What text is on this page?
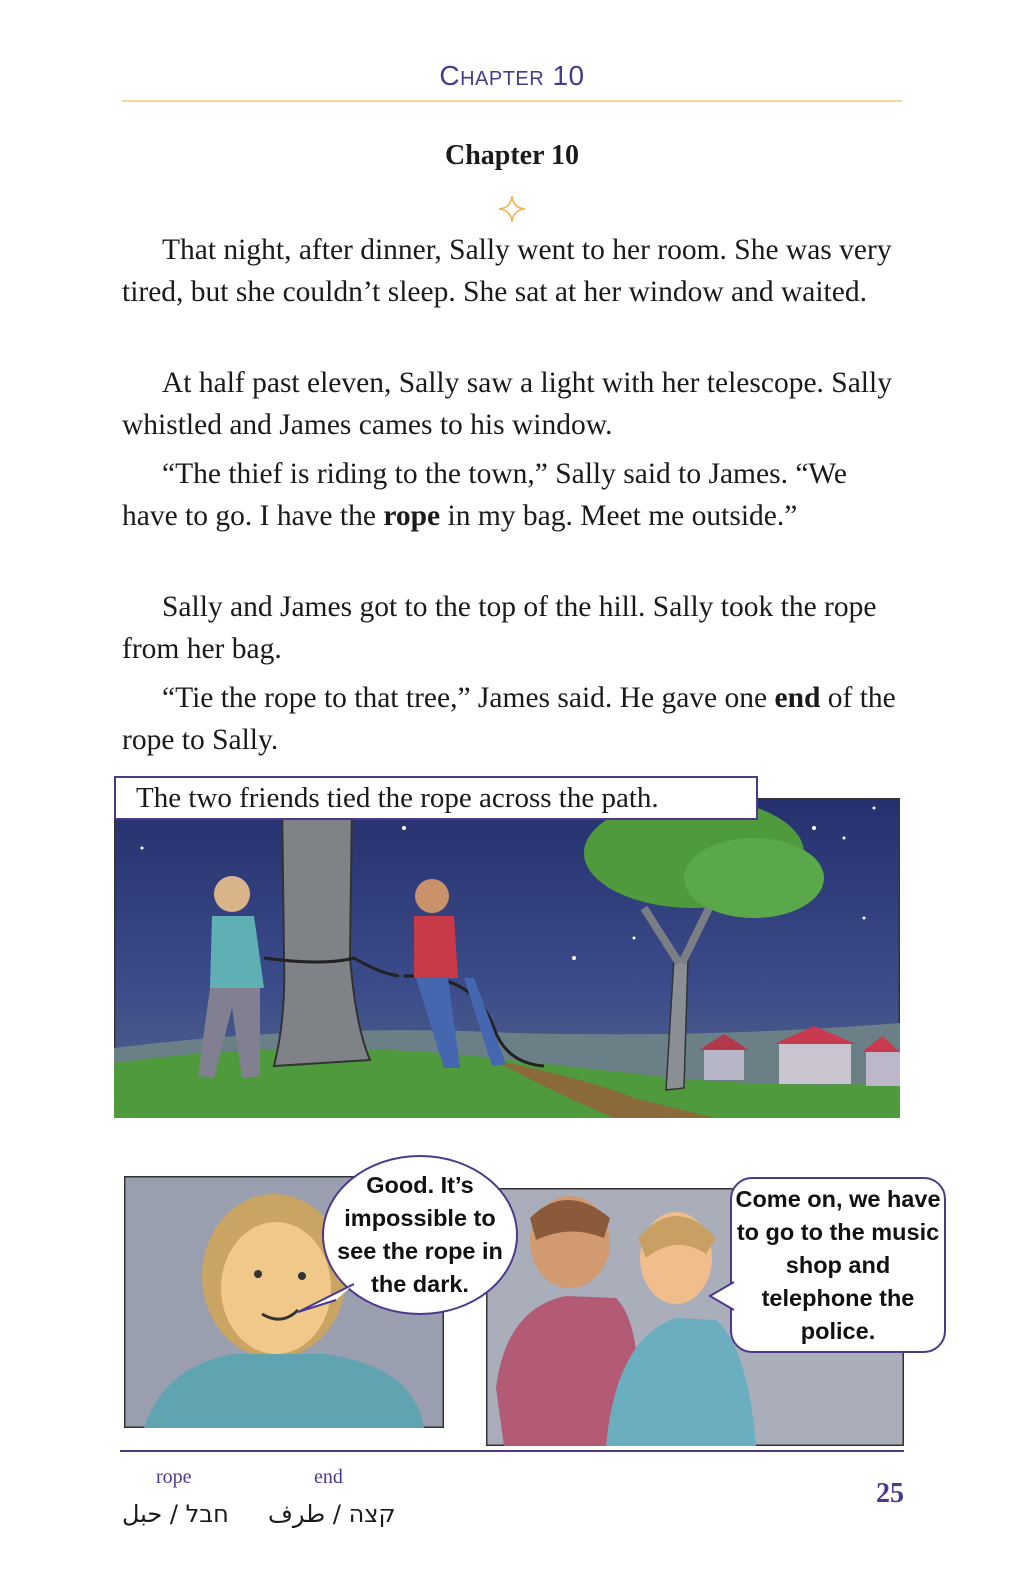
Chapter 10
Chapter 10

That night, after dinner, Sally went to her room. She was very tired, but she couldn’t sleep. She sat at her window and waited.

At half past eleven, Sally saw a light with her telescope. Sally whistled and James cames to his window.

“The thief is riding to the town,” Sally said to James. “We have to go. I have the rope in my bag. Meet me outside.”

Sally and James got to the top of the hill. Sally took the rope from her bag.

“Tie the rope to that tree,” James said. He gave one end of the rope to Sally.

The two friends tied the rope across the path.
Good. It’s impossible to see the rope in the dark.
Come on, we have to go to the music shop and telephone the police.
rope
חבל / حبل
end
קצה / طرف
25
